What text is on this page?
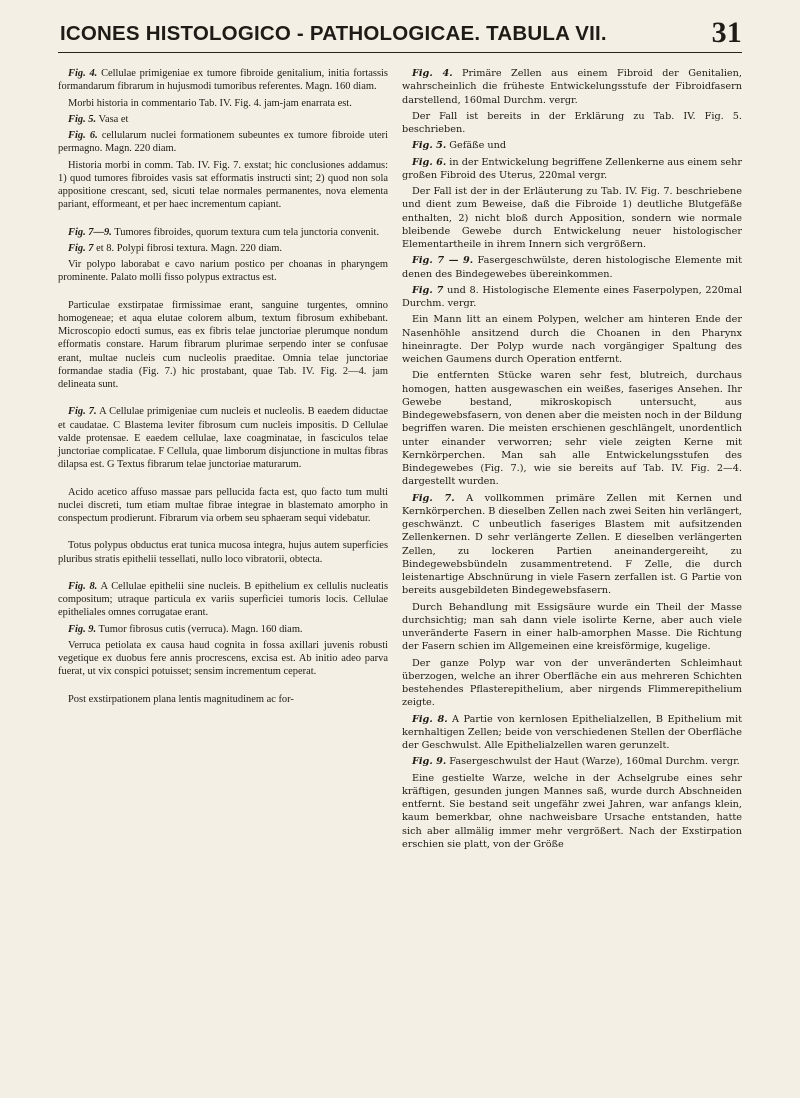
ICONES HISTOLOGICO - PATHOLOGICAE. TABULA VII.	31

Fig. 4. Cellulae primigeniae ex tumore fibroide genitalium, initia fortassis formandarum fibrarum in hujusmodi tumoribus referentes. Magn. 160 diam.

Morbi historia in commentario Tab. IV. Fig. 4. jam-jam enarrata est.

Fig. 5. Vasa et

Fig. 6. cellularum nuclei formationem subeuntes ex tumore fibroide uteri permagno. Magn. 220 diam.

Historia morbi in comm. Tab. IV. Fig. 7. exstat; hic conclusiones addamus: 1) quod tumores fibroides vasis sat efformatis instructi sint; 2) quod non sola appositione crescant, sed, sicuti telae normales permanentes, nova elementa pariant, efformeant, et per haec incrementum capiant.

Fig. 7—9. Tumores fibroides, quorum textura cum tela junctoria convenit.

Fig. 7 et 8. Polypi fibrosi textura. Magn. 220 diam.

Vir polypo laborabat e cavo narium postico per choanas in pharyngem prominente. Palato molli fisso polypus extractus est.

Particulae exstirpatae firmissimae erant, sanguine turgentes, omnino homogeneae; et aqua elutae colorem album, textum fibrosum exhibebant. Microscopio edocti sumus, eas ex fibris telae junctoriae plerumque nondum efformatis constare. Harum fibrarum plurimae serpendo inter se confusae erant, multae nucleis cum nucleolis praeditae. Omnia telae junctoriae formandae stadia (Fig. 7.) hic prostabant, quae Tab. IV. Fig. 2—4. jam delineata sunt.

Fig. 7. A Cellulae primigeniae cum nucleis et nucleolis. B eaedem diductae et caudatae. C Blastema leviter fibrosum cum nucleis impositis. D Cellulae valde protensae. E eaedem cellulae, laxe coagminatae, in fasciculos telae junctoriae complicatae. F Cellula, quae limborum disjunctione in multas fibras dilapsa est. G Textus fibrarum telae junctoriae maturarum.

Acido acetico affuso massae pars pellucida facta est, quo facto tum multi nuclei discreti, tum etiam multae fibrae integrae in blastemato amorpho in conspectum prodierunt. Fibrarum via orbem seu sphaeram sequi videbatur.

Totus polypus obductus erat tunica mucosa integra, hujus autem superficies pluribus stratis epithelii tessellati, nullo loco vibratorii, obtecta.

Fig. 8. A Cellulae epithelii sine nucleis. B epithelium ex cellulis nucleatis compositum; utraque particula ex variis superficiei tumoris locis. Cellulae epitheliales omnes corrugatae erant.

Fig. 9. Tumor fibrosus cutis (verruca). Magn. 160 diam.

Verruca petiolata ex causa haud cognita in fossa axillari juvenis robusti vegetique ex duobus fere annis procrescens, excisa est. Ab initio adeo parva fuerat, ut vix conspici potuisset; sensim incrementum ceperat.

Post exstirpationem plana lentis magnitudinem ac for-

Fig. 4. Primäre Zellen aus einem Fibroid der Genitalien, wahrscheinlich die früheste Entwickelungsstufe der Fibroidfasern darstellend, 160mal Durchm. vergr.

Der Fall ist bereits in der Erklärung zu Tab. IV. Fig. 5. beschrieben.

Fig. 5. Gefäße und

Fig. 6. in der Entwickelung begriffene Zellenkerne aus einem sehr großen Fibroid des Uterus, 220mal vergr.

Der Fall ist der in der Erläuterung zu Tab. IV. Fig. 7. beschriebene und dient zum Beweise, daß die Fibroide 1) deutliche Blutgefäße enthalten, 2) nicht bloß durch Apposition, sondern wie normale bleibende Gewebe durch Entwickelung neuer histologischer Elementartheile in ihrem Innern sich vergrößern.

Fig. 7 — 9. Fasergeschwülste, deren histologische Elemente mit denen des Bindegewebes übereinkommen.

Fig. 7 und 8. Histologische Elemente eines Faserpolypen, 220mal Durchm. vergr.

Ein Mann litt an einem Polypen, welcher am hinteren Ende der Nasenhöhle ansitzend durch die Choanen in den Pharynx hineinragte. Der Polyp wurde nach vorgängiger Spaltung des weichen Gaumens durch Operation entfernt.

Die entfernten Stücke waren sehr fest, blutreich, durchaus homogen, hatten ausgewaschen ein weißes, faseriges Ansehen. Ihr Gewebe bestand, mikroskopisch untersucht, aus Bindegewebsfasern, von denen aber die meisten noch in der Bildung begriffen waren. Die meisten erschienen geschlängelt, unordentlich unter einander verworren; sehr viele zeigten Kerne mit Kernkörperchen. Man sah alle Entwickelungsstufen des Bindegewebes (Fig. 7.), wie sie bereits auf Tab. IV. Fig. 2—4. dargestellt wurden.

Fig. 7. A vollkommen primäre Zellen mit Kernen und Kernkörperchen. B dieselben Zellen nach zwei Seiten hin verlängert, geschwänzt. C unbeutlich faseriges Blastem mit aufsitzenden Zellenkernen. D sehr verlängerte Zellen. E dieselben verlängerten Zellen, zu lockeren Partien aneinandergereiht, zu Bindegewebsbündeln zusammentretend. F Zelle, die durch leistenartige Abschnürung in viele Fasern zerfallen ist. G Partie von bereits ausgebildeten Bindegewebsfasern.

Durch Behandlung mit Essigsäure wurde ein Theil der Masse durchsichtig; man sah dann viele isolirte Kerne, aber auch viele unveränderte Fasern in einer halb-amorphen Masse. Die Richtung der Fasern schien im Allgemeinen eine kreisförmige, kugelige.

Der ganze Polyp war von der unveränderten Schleimhaut überzogen, welche an ihrer Oberfläche ein aus mehreren Schichten bestehendes Pflasterepithelium, aber nirgends Flimmerepithelium zeigte.

Fig. 8. A Partie von kernlosen Epithelialzellen, B Epithelium mit kernhaltigen Zellen; beide von verschiedenen Stellen der Oberfläche der Geschwulst. Alle Epithelialzellen waren gerunzelt.

Fig. 9. Fasergeschwulst der Haut (Warze), 160mal Durchm. vergr.

Eine gestielte Warze, welche in der Achselgrube eines sehr kräftigen, gesunden jungen Mannes saß, wurde durch Abschneiden entfernt. Sie bestand seit ungefähr zwei Jahren, war anfangs klein, kaum bemerkbar, ohne nachweisbare Ursache entstanden, hatte sich aber allmälig immer mehr vergrößert. Nach der Exstirpation erschien sie platt, von der Größe
